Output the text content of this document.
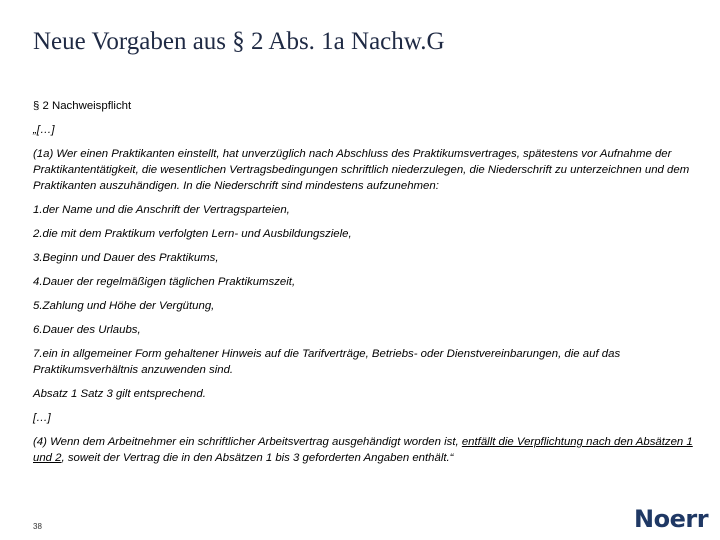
Neue Vorgaben aus § 2 Abs. 1a Nachw.G

§ 2 Nachweispflicht

„[…]

(1a) Wer einen Praktikanten einstellt, hat unverzüglich nach Abschluss des Praktikumsvertrages, spätestens vor Aufnahme der Praktikantentätigkeit, die wesentlichen Vertragsbedingungen schriftlich niederzulegen, die Niederschrift zu unterzeichnen und dem Praktikanten auszuhändigen. In die Niederschrift sind mindestens aufzunehmen:

1.der Name und die Anschrift der Vertragsparteien,

2.die mit dem Praktikum verfolgten Lern- und Ausbildungsziele,

3.Beginn und Dauer des Praktikums,

4.Dauer der regelmäßigen täglichen Praktikumszeit,

5.Zahlung und Höhe der Vergütung,

6.Dauer des Urlaubs,

7.ein in allgemeiner Form gehaltener Hinweis auf die Tarifverträge, Betriebs- oder Dienstvereinbarungen, die auf das Praktikumsverhältnis anzuwenden sind.

Absatz 1 Satz 3 gilt entsprechend.

[…]

(4) Wenn dem Arbeitnehmer ein schriftlicher Arbeitsvertrag ausgehändigt worden ist, entfällt die Verpflichtung nach den Absätzen 1 und 2, soweit der Vertrag die in den Absätzen 1 bis 3 geforderten Angaben enthält.“

38	Noerr
